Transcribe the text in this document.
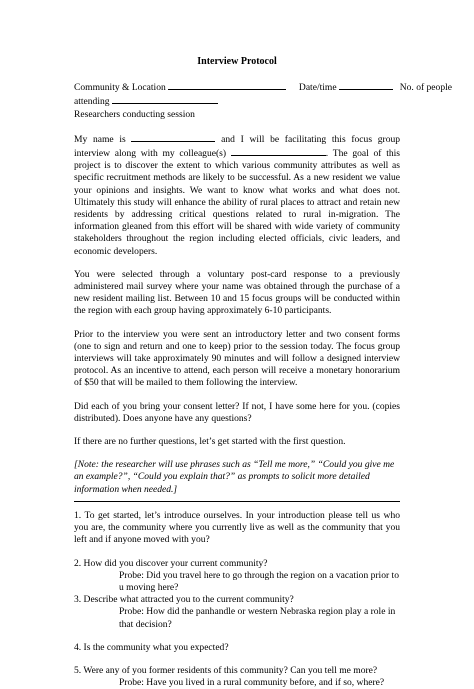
Interview Protocol
Community & Location	Date/time	No. of people
attending
Researchers conducting session

My name is	and I will be facilitating this focus group interview along with my colleague(s)	. The goal of this project is to discover the extent to which various community attributes as well as specific recruitment methods are likely to be successful. As a new resident we value your opinions and insights. We want to know what works and what does not. Ultimately this study will enhance the ability of rural places to attract and retain new residents by addressing critical questions related to rural in-migration. The information gleaned from this effort will be shared with wide variety of community stakeholders throughout the region including elected officials, civic leaders, and economic developers.

You were selected through a voluntary post-card response to a previously administered mail survey where your name was obtained through the purchase of a new resident mailing list. Between 10 and 15 focus groups will be conducted within the region with each group having approximately 6-10 participants.

Prior to the interview you were sent an introductory letter and two consent forms (one to sign and return and one to keep) prior to the session today. The focus group interviews will take approximately 90 minutes and will follow a designed interview protocol. As an incentive to attend, each person will receive a monetary honorarium of $50 that will be mailed to them following the interview.

Did each of you bring your consent letter? If not, I have some here for you. (copies distributed). Does anyone have any questions?

If there are no further questions, let’s get started with the first question.

[Note: the researcher will use phrases such as “Tell me more,” “Could you give me an example?”, “Could you explain that?” as prompts to solicit more detailed information when needed.]

1. To get started, let’s introduce ourselves. In your introduction please tell us who you are, the community where you currently live as well as the community that you left and if anyone moved with you?

2. How did you discover your current community?

Probe: Did you travel here to go through the region on a vacation prior to u moving here?

3. Describe what attracted you to the current community?

Probe: How did the panhandle or western Nebraska region play a role in that decision?

4. Is the community what you expected?

5. Were any of you former residents of this community? Can you tell me more?

Probe: Have you lived in a rural community before, and if so, where?
